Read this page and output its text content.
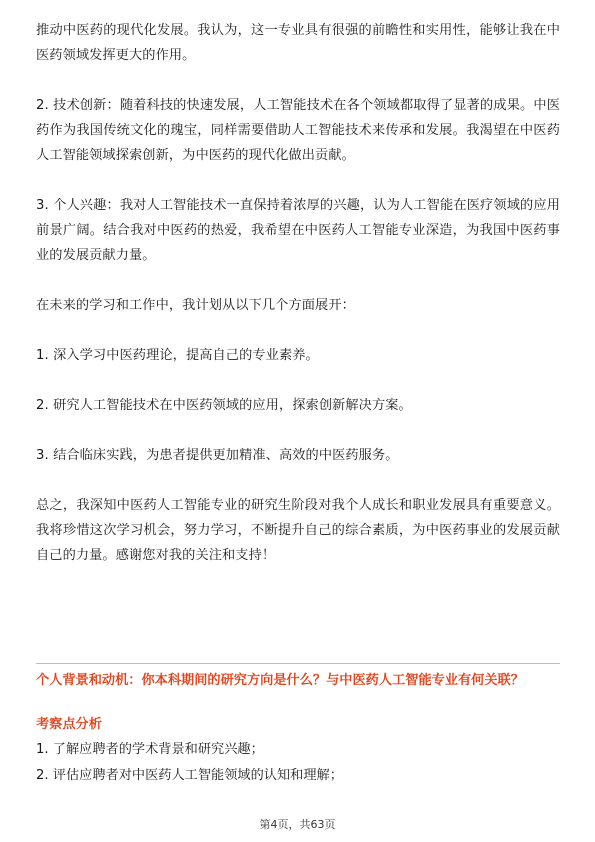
推动中医药的现代化发展。我认为，这一专业具有很强的前瞻性和实用性，能够让我在中医药领域发挥更大的作用。

2. 技术创新：随着科技的快速发展，人工智能技术在各个领域都取得了显著的成果。中医药作为我国传统文化的瑰宝，同样需要借助人工智能技术来传承和发展。我渴望在中医药人工智能领域探索创新，为中医药的现代化做出贡献。

3. 个人兴趣：我对人工智能技术一直保持着浓厚的兴趣，认为人工智能在医疗领域的应用前景广阔。结合我对中医药的热爱，我希望在中医药人工智能专业深造，为我国中医药事业的发展贡献力量。

在未来的学习和工作中，我计划从以下几个方面展开：

1. 深入学习中医药理论，提高自己的专业素养。

2. 研究人工智能技术在中医药领域的应用，探索创新解决方案。

3. 结合临床实践，为患者提供更加精准、高效的中医药服务。

总之，我深知中医药人工智能专业的研究生阶段对我个人成长和职业发展具有重要意义。我将珍惜这次学习机会，努力学习，不断提升自己的综合素质，为中医药事业的发展贡献自己的力量。感谢您对我的关注和支持！

个人背景和动机：你本科期间的研究方向是什么？与中医药人工智能专业有何关联？

考察点分析

1. 了解应聘者的学术背景和研究兴趣；
2. 评估应聘者对中医药人工智能领域的认知和理解；
第4页，共63页
